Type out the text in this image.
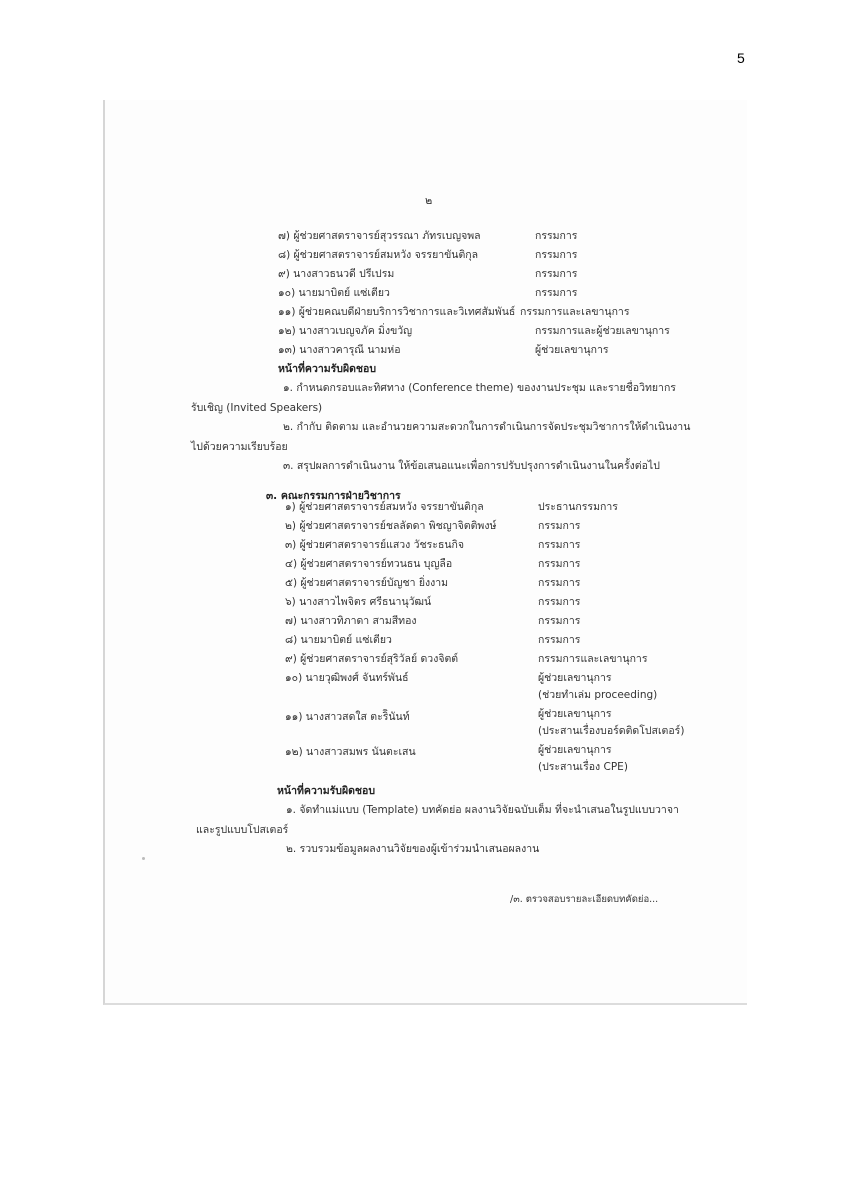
5
๒
๗) ผู้ช่วยศาสตราจารย์สุวรรณา ภัทรเบญจพล	กรรมการ
๘) ผู้ช่วยศาสตราจารย์สมหวัง จรรยาขันติกุล	กรรมการ
๙) นางสาวธนวดี ปรีเปรม	กรรมการ
๑๐) นายมาบิตย์ แซ่เตียว	กรรมการ
๑๑) ผู้ช่วยคณบดีฝ่ายบริการวิชาการและวิเทศสัมพันธ์ กรรมการและเลขานุการ
๑๒) นางสาวเบญจภัค มิ่งขวัญ	กรรมการและผู้ช่วยเลขานุการ
๑๓) นางสาวคารุณี นามห่อ	ผู้ช่วยเลขานุการ
หน้าที่ความรับผิดชอบ
๑. กำหนดกรอบและทิศทาง (Conference theme) ของงานประชุม และรายชื่อวิทยากร
รับเชิญ (Invited Speakers)
๒. กำกับ ติดตาม และอำนวยความสะดวกในการดำเนินการจัดประชุมวิชาการให้ดำเนินงาน
ไปด้วยความเรียบร้อย
๓. สรุปผลการดำเนินงาน ให้ข้อเสนอแนะเพื่อการปรับปรุงการดำเนินงานในครั้งต่อไป
๓. คณะกรรมการฝ่ายวิชาการ
๑) ผู้ช่วยศาสตราจารย์สมหวัง จรรยาขันติกุล	ประธานกรรมการ
๒) ผู้ช่วยศาสตราจารย์ชลลัดดา พิชญาจิตติพงษ์	กรรมการ
๓) ผู้ช่วยศาสตราจารย์แสวง วัชระธนกิจ	กรรมการ
๔) ผู้ช่วยศาสตราจารย์ทวนธน บุญลือ	กรรมการ
๕) ผู้ช่วยศาสตราจารย์บัญชา ยิ่งงาม	กรรมการ
๖) นางสาวไพจิตร ศรีธนานุวัฒน์	กรรมการ
๗) นางสาวทิภาดา สามสีทอง	กรรมการ
๘) นายมาบิตย์ แซ่เตียว	กรรมการ
๙) ผู้ช่วยศาสตราจารย์สุริวัลย์ ดวงจิตต์	กรรมการและเลขานุการ
๑๐) นายวุฒิพงศ์ จันทร์พันธ์	ผู้ช่วยเลขานุการ
(ช่วยทำเล่ม proceeding)
๑๑) นางสาวสดใส ตะริินันท์	ผู้ช่วยเลขานุการ
(ประสานเรื่องบอร์ดติดโปสเตอร์)
๑๒) นางสาวสมพร นันตะเสน	ผู้ช่วยเลขานุการ
(ประสานเรื่อง CPE)
หน้าที่ความรับผิดชอบ
๑. จัดทำแม่แบบ (Template) บทคัดย่อ ผลงานวิจัยฉบับเต็ม ที่จะนำเสนอในรูปแบบวาจา
และรูปแบบโปสเตอร์
๒. รวบรวมข้อมูลผลงานวิจัยของผู้เข้าร่วมนำเสนอผลงาน
/๓. ตรวจสอบรายละเอียดบทคัดย่อ...
